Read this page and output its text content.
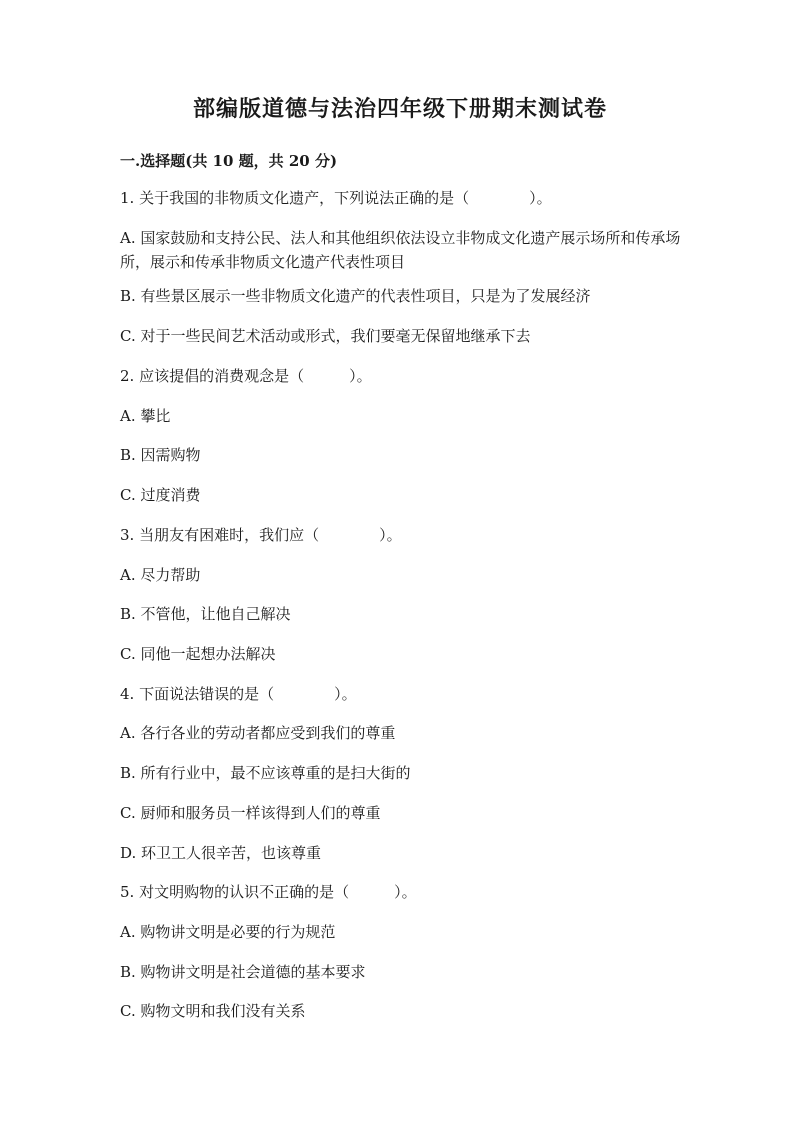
部编版道德与法治四年级下册期末测试卷
一.选择题(共 10 题，共 20 分)
1. 关于我国的非物质文化遗产，下列说法正确的是（　　　　）。
A. 国家鼓励和支持公民、法人和其他组织依法设立非物成文化遗产展示场所和传承场所，展示和传承非物质文化遗产代表性项目
B. 有些景区展示一些非物质文化遗产的代表性项目，只是为了发展经济
C. 对于一些民间艺术活动或形式，我们要毫无保留地继承下去
2. 应该提倡的消费观念是（　　　）。
A. 攀比
B. 因需购物
C. 过度消费
3. 当朋友有困难时，我们应（　　　　）。
A. 尽力帮助
B. 不管他，让他自己解决
C. 同他一起想办法解决
4. 下面说法错误的是（　　　　）。
A. 各行各业的劳动者都应受到我们的尊重
B. 所有行业中，最不应该尊重的是扫大街的
C. 厨师和服务员一样该得到人们的尊重
D. 环卫工人很辛苦，也该尊重
5. 对文明购物的认识不正确的是（　　　）。
A. 购物讲文明是必要的行为规范
B. 购物讲文明是社会道德的基本要求
C. 购物文明和我们没有关系
